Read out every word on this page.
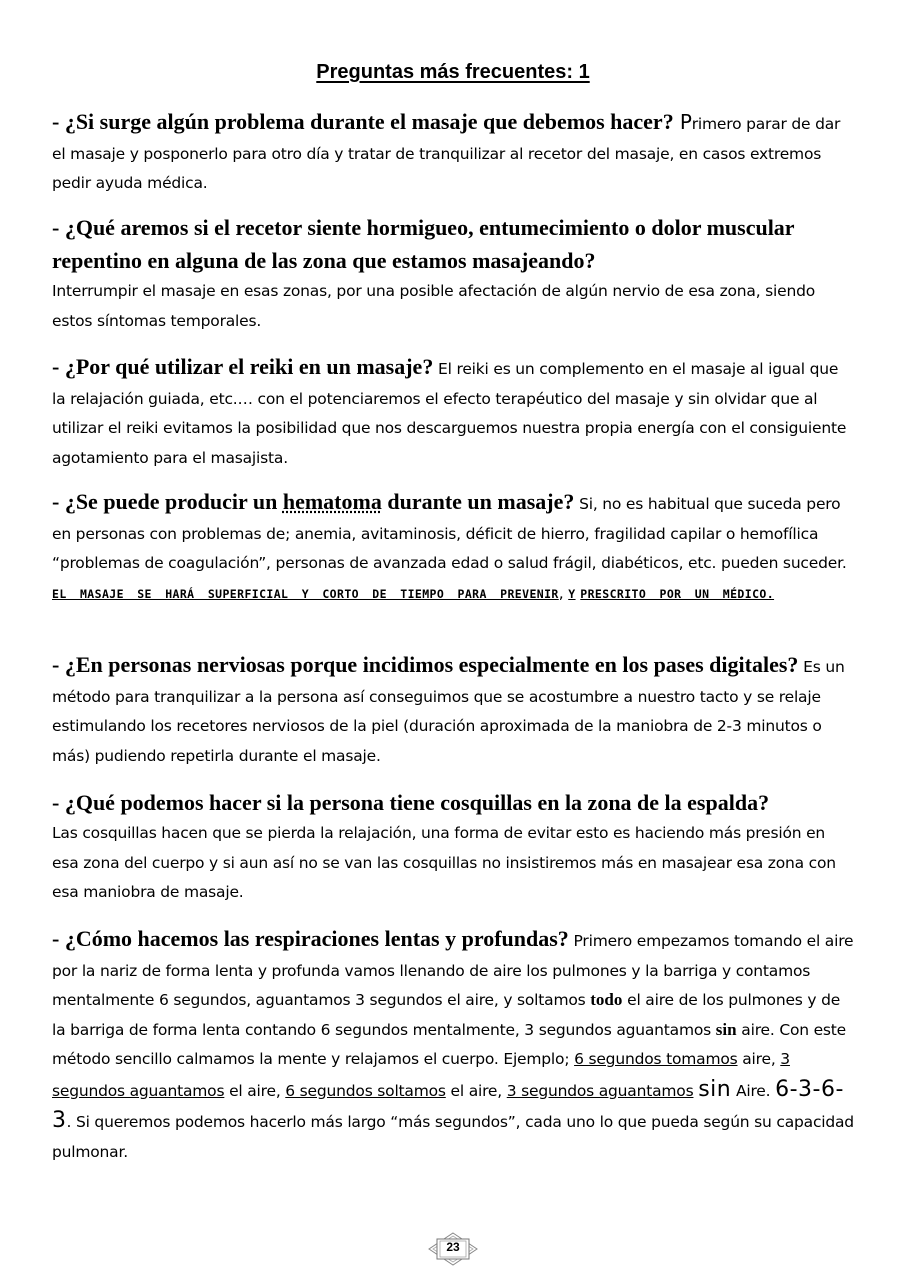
Preguntas más frecuentes: 1

- ¿Si surge algún problema durante el masaje que debemos hacer? Primero parar de dar el masaje y posponerlo para otro día y tratar de tranquilizar al recetor del masaje, en casos extremos pedir ayuda médica.

- ¿Qué aremos si el recetor siente hormigueo, entumecimiento o dolor muscular repentino en alguna de las zona que estamos masajeando?
Interrumpir el masaje en esas zonas, por una posible afectación de algún nervio de esa zona, siendo estos síntomas temporales.

- ¿Por qué utilizar el reiki en un masaje? El reiki es un complemento en el masaje al igual que la relajación guiada, etc.… con el potenciaremos el efecto terapéutico del masaje y sin olvidar que al utilizar el reiki evitamos la posibilidad que nos descarguemos nuestra propia energía con el consiguiente agotamiento para el masajista.

- ¿Se puede producir un hematoma durante un masaje? Si, no es habitual que suceda pero en personas con problemas de; anemia, avitaminosis, déficit de hierro, fragilidad capilar o hemofílica “problemas de coagulación”, personas de avanzada edad o salud frágil, diabéticos, etc. pueden suceder. EL MASAJE SE HARÁ SUPERFICIAL Y CORTO DE TIEMPO PARA PREVENIR, Y PRESCRITO POR UN MÉDICO.

- ¿En personas nerviosas porque incidimos especialmente en los pases digitales? Es un método para tranquilizar a la persona así conseguimos que se acostumbre a nuestro tacto y se relaje estimulando los recetores nerviosos de la piel (duración aproximada de la maniobra de 2-3 minutos o más) pudiendo repetirla durante el masaje.

- ¿Qué podemos hacer si la persona tiene cosquillas en la zona de la espalda?
Las cosquillas hacen que se pierda la relajación, una forma de evitar esto es haciendo más presión en esa zona del cuerpo y si aun así no se van las cosquillas no insistiremos más en masajear esa zona con esa maniobra de masaje.

- ¿Cómo hacemos las respiraciones lentas y profundas? Primero empezamos tomando el aire por la nariz de forma lenta y profunda vamos llenando de aire los pulmones y la barriga y contamos mentalmente 6 segundos, aguantamos 3 segundos el aire, y soltamos todo el aire de los pulmones y de la barriga de forma lenta contando 6 segundos mentalmente, 3 segundos aguantamos sin aire. Con este método sencillo calmamos la mente y relajamos el cuerpo. Ejemplo; 6 segundos tomamos aire, 3 segundos aguantamos el aire, 6 segundos soltamos el aire, 3 segundos aguantamos sin Aire. 6-3-6-3. Si queremos podemos hacerlo más largo “más segundos”, cada uno lo que pueda según su capacidad pulmonar.

23
